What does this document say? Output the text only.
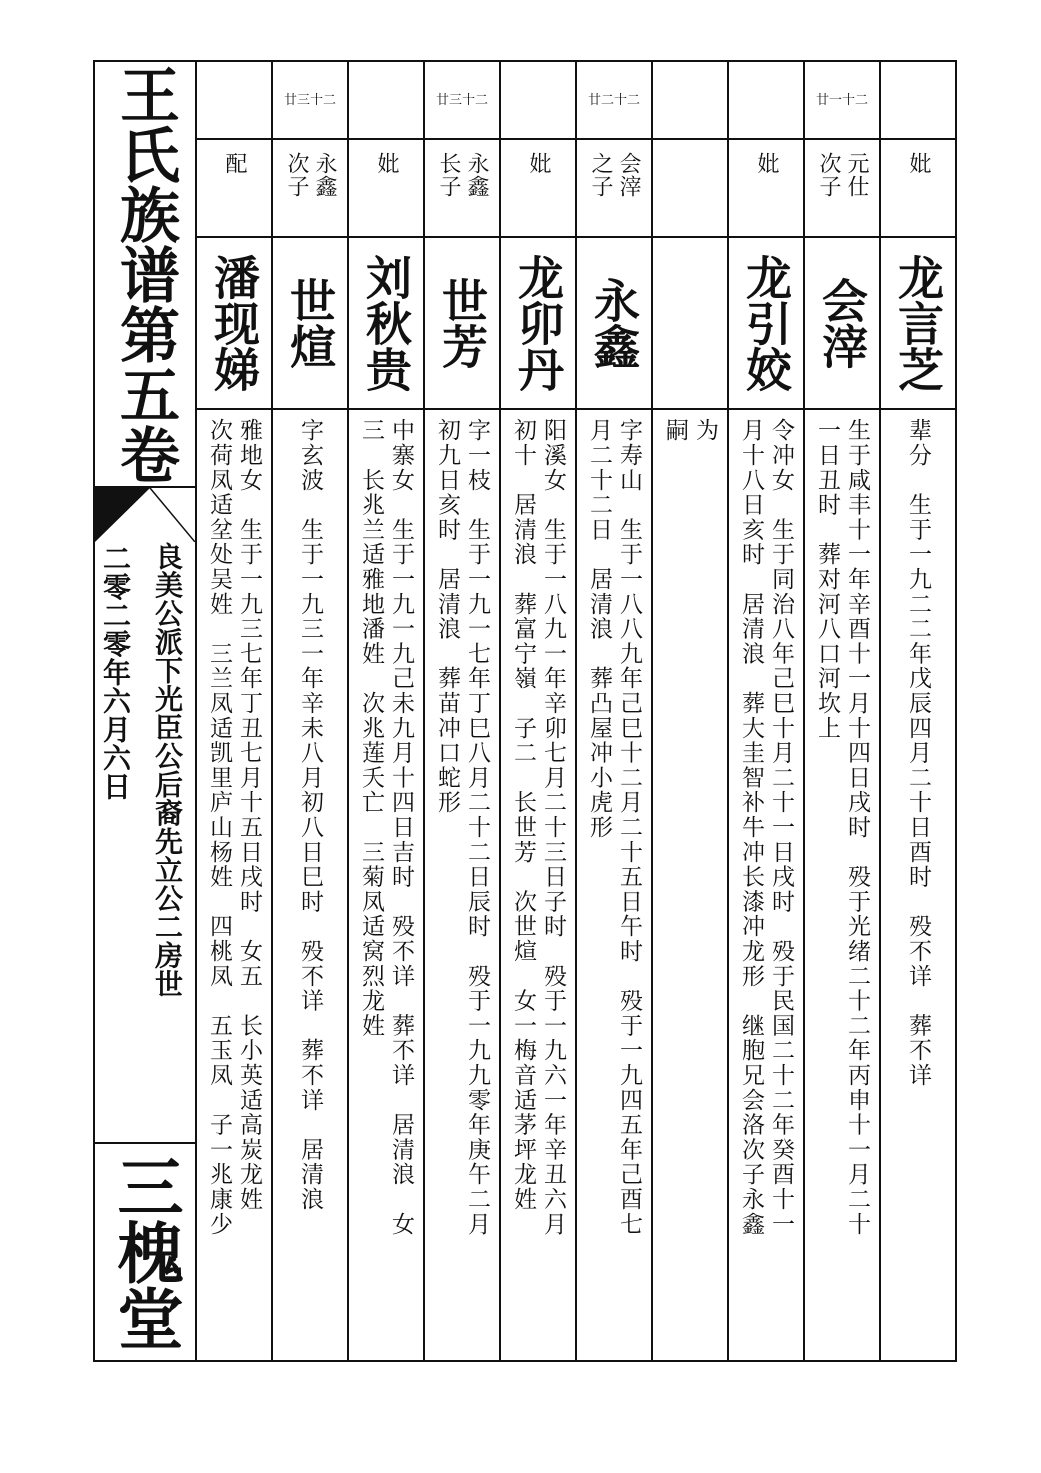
王氏族谱第五卷
良美公派下光臣公后裔先立公二房世
二零二零年六月六日
三槐堂
配
潘现娣
雅地女　生于一九三七年丁丑七月十五日戌时　女五　长小英适高炭龙姓
次荷凤适坌处吴姓　三兰凤适凯里庐山杨姓　四桃凤　五玉凤　子一兆康少
廿三十二
永鑫
次子
世煊
字玄波　生于一九三一年辛未八月初八日巳时　殁不详　葬不详　居清浪
妣
刘秋贵
中寨女　生于一九一九己未九月十四日吉时　殁不详　葬不详　居清浪　女
三　长兆兰适雅地潘姓　次兆莲夭亡　三菊凤适窝烈龙姓
廿三十二
永鑫
长子
世芳
字一枝　生于一九一七年丁巳八月二十二日辰时　殁于一九九零年庚午二月
初九日亥时　居清浪　葬苗冲口蛇形
妣
龙卯丹
阳溪女　生于一八九一年辛卯七月二十三日子时　殁于一九六一年辛丑六月
初十　居清浪　葬富宁嶺　子二　长世芳　次世煊　女一梅音适茅坪龙姓
廿二十二
会滓
之子
永鑫
字寿山　生于一八八九年己巳十二月二十五日午时　殁于一九四五年己酉七
月二十二日　居清浪　葬凸屋冲小虎形
为
嗣
妣
龙引姣
令冲女　生于同治八年己巳十月二十一日戌时　殁于民国二十二年癸酉十一
月十八日亥时　居清浪　葬大圭智补牛冲长漆冲龙形　继胞兄会洛次子永鑫
廿一十二
元仕
次子
会滓
生于咸丰十一年辛酉十一月十四日戌时　殁于光绪二十二年丙申十一月二十
一日丑时　葬对河八口河坎上
妣
龙言芝
辈分　生于一九二二年戊辰四月二十日酉时　殁不详　葬不详
